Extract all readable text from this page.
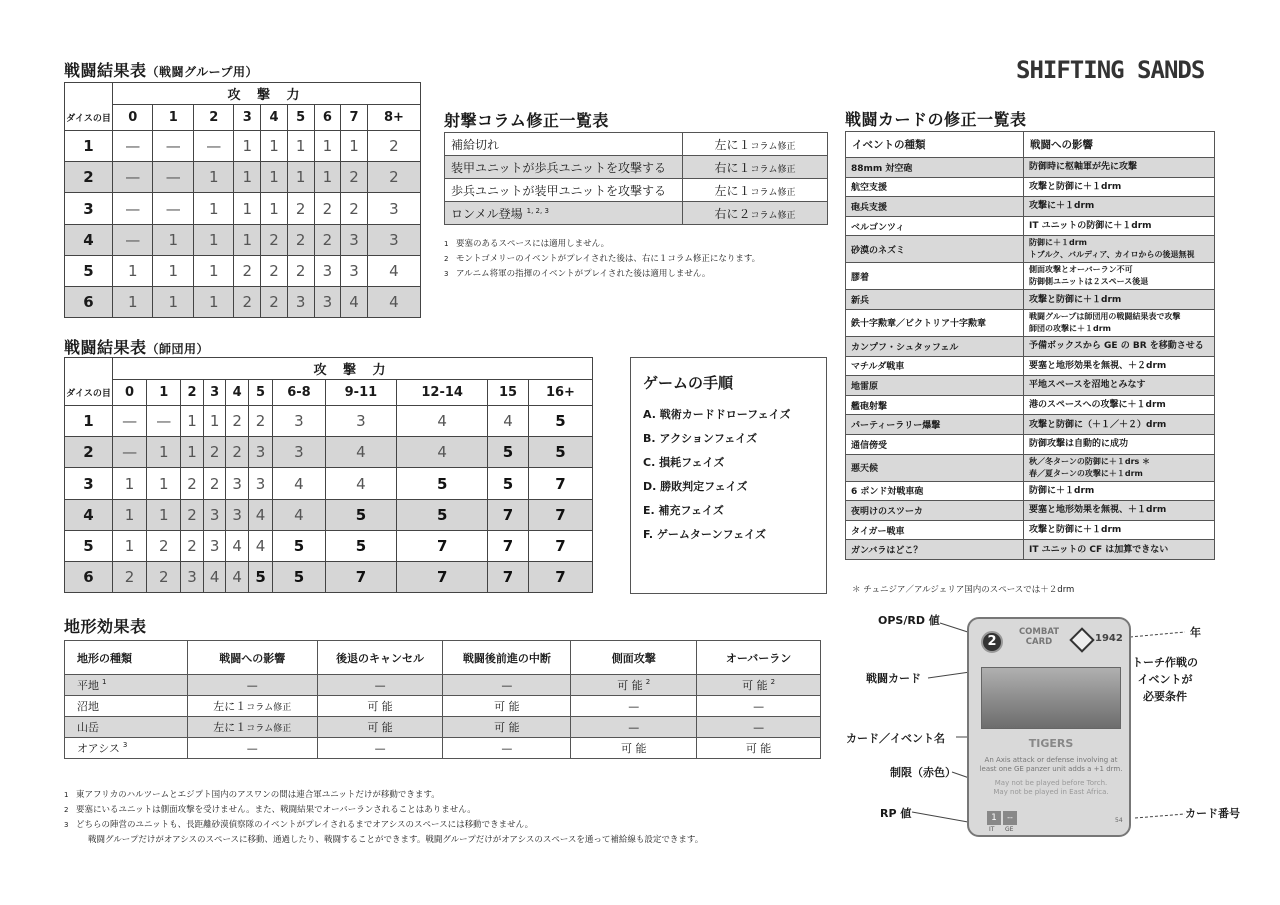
SHIFTING SANDS
戦闘結果表（戦闘グループ用）
	攻 撃 力								
ダイスの目	0	1	2	3	4	5	6	7	8+
1	—	—	—	1	1	1	1	1	2
2	—	—	1	1	1	1	1	2	2
3	—	—	1	1	1	2	2	2	3
4	—	1	1	1	2	2	2	3	3
5	1	1	1	2	2	2	3	3	4
6	1	1	1	2	2	3	3	4	4
戦闘結果表（師団用）
	攻 撃 力										
ダイスの目	0	1	2	3	4	5	6-8	9-11	12-14	15	16+
1	—	—	1	1	2	2	3	3	4	4	5
2	—	1	1	2	2	3	3	4	4	5	5
3	1	1	2	2	3	3	4	4	5	5	7
4	1	1	2	3	3	4	4	5	5	7	7
5	1	2	2	3	4	4	5	5	7	7	7
6	2	2	3	4	4	5	5	7	7	7	7
射撃コラム修正一覧表
補給切れ	左に１コラム修正
装甲ユニットが歩兵ユニットを攻撃する	右に１コラム修正
歩兵ユニットが装甲ユニットを攻撃する	左に１コラム修正
ロンメル登場 $^{1, 2, 3}$	右に２コラム修正
1 要塞のあるスペースには適用しません。
2 モントゴメリーのイベントがプレイされた後は、右に１コラム修正になります。
3 アルニム将軍の指揮のイベントがプレイされた後は適用しません。
ゲームの手順
A. 戦術カードドローフェイズ
B. アクションフェイズ
C. 損耗フェイズ
D. 勝敗判定フェイズ
E. 補充フェイズ
F. ゲームターンフェイズ
戦闘カードの修正一覧表
イベントの種類	戦闘への影響
88mm 対空砲	防御時に枢軸軍が先に攻撃
航空支援	攻撃と防御に＋１drm
砲兵支援	攻撃に＋１drm
ベルゴンツィ	IT ユニットの防御に＋１drm
砂漠のネズミ	防御に＋１drm
トブルク、バルディア、カイロからの後退無視
膠着	側面攻撃とオーバーラン不可
防御側ユニットは２スペース後退
新兵	攻撃と防御に＋１drm
鉄十字勲章／ビクトリア十字勲章	戦闘グループは師団用の戦闘結果表で攻撃
師団の攻撃に＋１drm
カンプフ・シュタッフェル	予備ボックスから GE の BR を移動させる
マチルダ戦車	要塞と地形効果を無視、＋２drm
地雷原	平地スペースを沼地とみなす
艦砲射撃	港のスペースへの攻撃に＋１drm
パーティーラリー爆撃	攻撃と防御に（＋１／＋２）drm
通信傍受	防御攻撃は自動的に成功
悪天候	秋／冬ターンの防御に＋１drs ＊
春／夏ターンの攻撃に＋１drm
6 ポンド対戦車砲	防御に＋１drm
夜明けのスツーカ	要塞と地形効果を無視、＋１drm
タイガー戦車	攻撃と防御に＋１drm
ガンバラはどこ？	IT ユニットの CF は加算できない
＊ チュニジア／アルジェリア国内のスペースでは＋２drm
地形効果表
地形の種類	戦闘への影響	後退のキャンセル	戦闘後前進の中断	側面攻撃	オーバーラン
平地 $^1$	—	—	—	可 能 $^2$	可 能 $^2$
沼地	左に１コラム修正	可 能	可 能	—	—
山岳	左に１コラム修正	可 能	可 能	—	—
オアシス $^3$	—	—	—	可 能	可 能
1 東アフリカのハルツームとエジプト国内のアスワンの間は連合軍ユニットだけが移動できます。
2 要塞にいるユニットは側面攻撃を受けません。また、戦闘結果でオーバーランされることはありません。
3 どちらの陣営のユニットも、長距離砂漠偵察隊のイベントがプレイされるまでオアシスのスペースには移動できません。
戦闘グループだけがオアシスのスペースに移動、通過したり、戦闘することができます。戦闘グループだけがオアシスのスペースを通って補給線も設定できます。
OPS/RD 値
戦闘カード
カード／イベント名
制限（赤色）
RP 値
年
トーチ作戦の
イベントが
必要条件
カード番号
2
COMBAT
CARD	1942
TIGERS
An Axis attack or defense involving at least one GE panzer unit adds a +1 drm.
May not be played before Torch.
May not be played in East Africa.
1	--
IT GE
54
